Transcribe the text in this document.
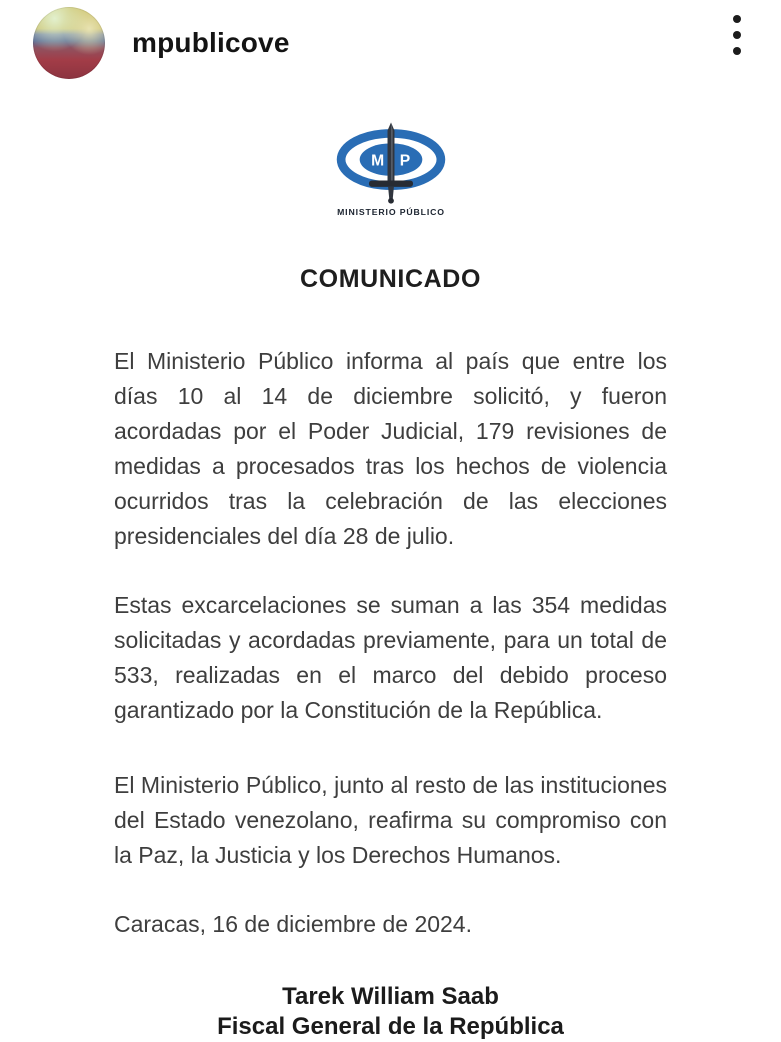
mpublicove
M P
MINISTERIO PÚBLICO
COMUNICADO

El Ministerio Público informa al país que entre los días 10 al 14 de diciembre solicitó, y fueron acordadas por el Poder Judicial, 179 revisiones de medidas a procesados tras los hechos de violencia ocurridos tras la celebración de las elecciones presidenciales del día 28 de julio.

Estas excarcelaciones se suman a las 354 medidas solicitadas y acordadas previamente, para un total de 533, realizadas en el marco del debido proceso garantizado por la Constitución de la República.

El Ministerio Público, junto al resto de las instituciones del Estado venezolano, reafirma su compromiso con la Paz, la Justicia y los Derechos Humanos.

Caracas, 16 de diciembre de 2024.

Tarek William Saab
Fiscal General de la República
